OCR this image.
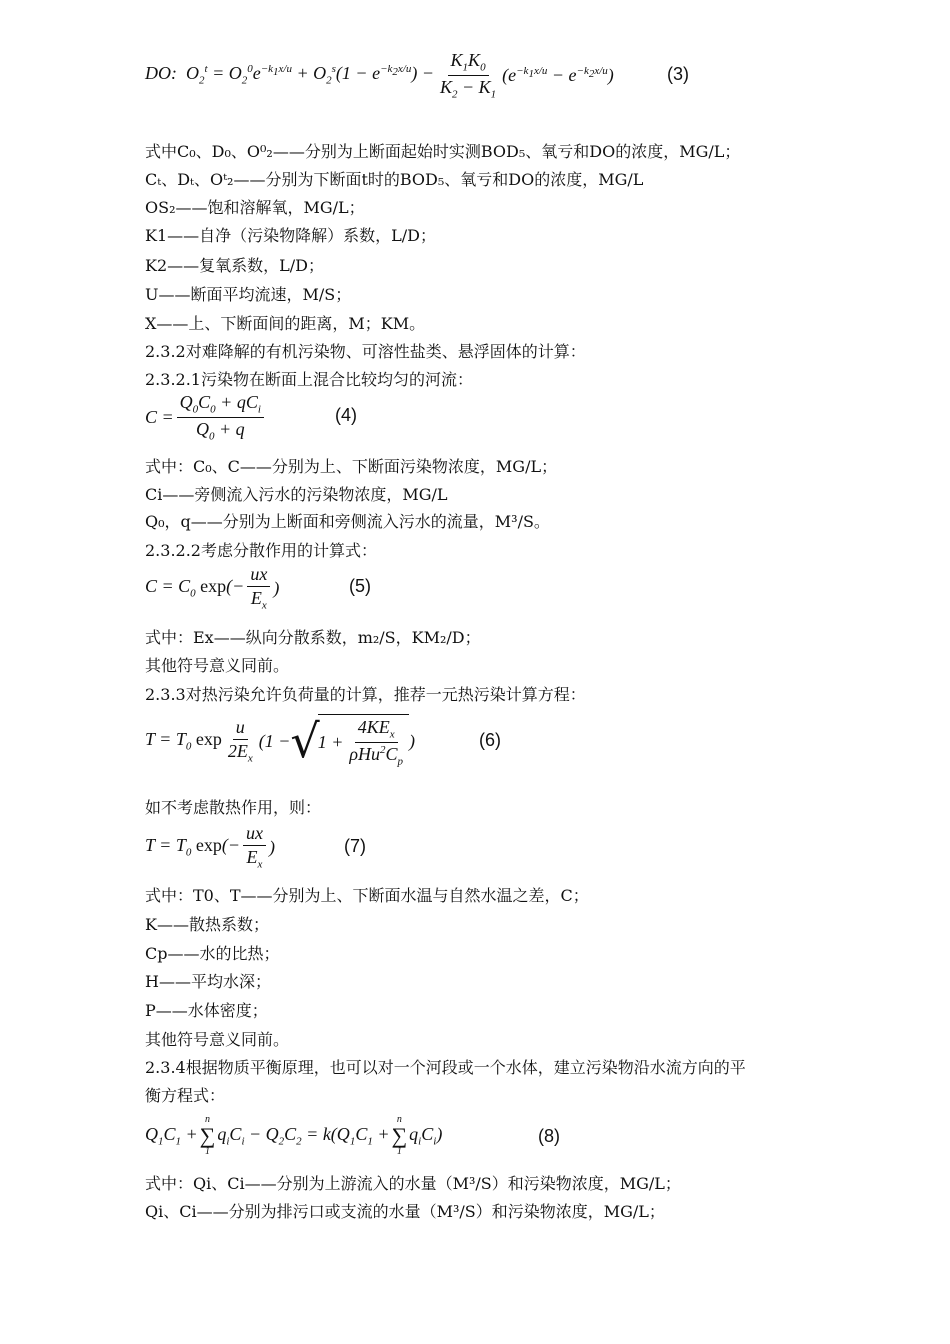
DO:  $O_2^t = O_2^0e^{-k_1x/u} + O_2^s(1 - e^{-k_2x/u}) - \frac{K_1K_0}{K_2 - K_1} (e^{-k_1x/u} - e^{-k_2x/u})$	(3)

式中C₀、D₀、O⁰₂——分别为上断面起始时实测BOD₅、氧亏和DO的浓度，MG/L；

Cₜ、Dₜ、Oᵗ₂——分别为下断面t时的BOD₅、氧亏和DO的浓度，MG/L

OS₂——饱和溶解氧，MG/L；

K1——自净（污染物降解）系数，L/D；

K2——复氧系数，L/D；

U——断面平均流速，M/S；

X——上、下断面间的距离，M；KM。

2.3.2对难降解的有机污染物、可溶性盐类、悬浮固体的计算：

2.3.2.1污染物在断面上混合比较均匀的河流：

$C = \frac{Q_0C_0 + qC_i}{Q_0 + q}$	(4)

式中：C₀、C——分别为上、下断面污染物浓度，MG/L；

Ci——旁侧流入污水的污染物浓度，MG/L

Q₀，q——分别为上断面和旁侧流入污水的流量，M³/S。

2.3.2.2考虑分散作用的计算式：

$C = C_0$ $\exp(- \frac{ux}{E_x}$ )	(5)

式中：Ex——纵向分散系数，m₂/S，KM₂/D；

其他符号意义同前。

2.3.3对热污染允许负荷量的计算，推荐一元热污染计算方程：

$T = T_0$ $\exp \frac{u}{2E_x} (1$ − √
$1 + \frac{4KE_x}{\rho Hu^2C_p}$ )	(6)

如不考虑散热作用，则：

$T = T_0$ $\exp(- \frac{ux}{E_x}$ )	(7)

式中：T0、T——分别为上、下断面水温与自然水温之差，C；

K——散热系数；

Cp——水的比热；

H——平均水深；

P——水体密度；

其他符号意义同前。

2.3.4根据物质平衡原理，也可以对一个河段或一个水体，建立污染物沿水流方向的平

衡方程式：

$Q_1C_1$ +
n
∑
1
$q_iC_i - Q_2C_2 = k(Q_1C_1$ +
n
∑
1
$q_iC_i$)	(8)

式中：Qi、Ci——分别为上游流入的水量（M³/S）和污染物浓度，MG/L；

Qi、Ci——分别为排污口或支流的水量（M³/S）和污染物浓度，MG/L；
